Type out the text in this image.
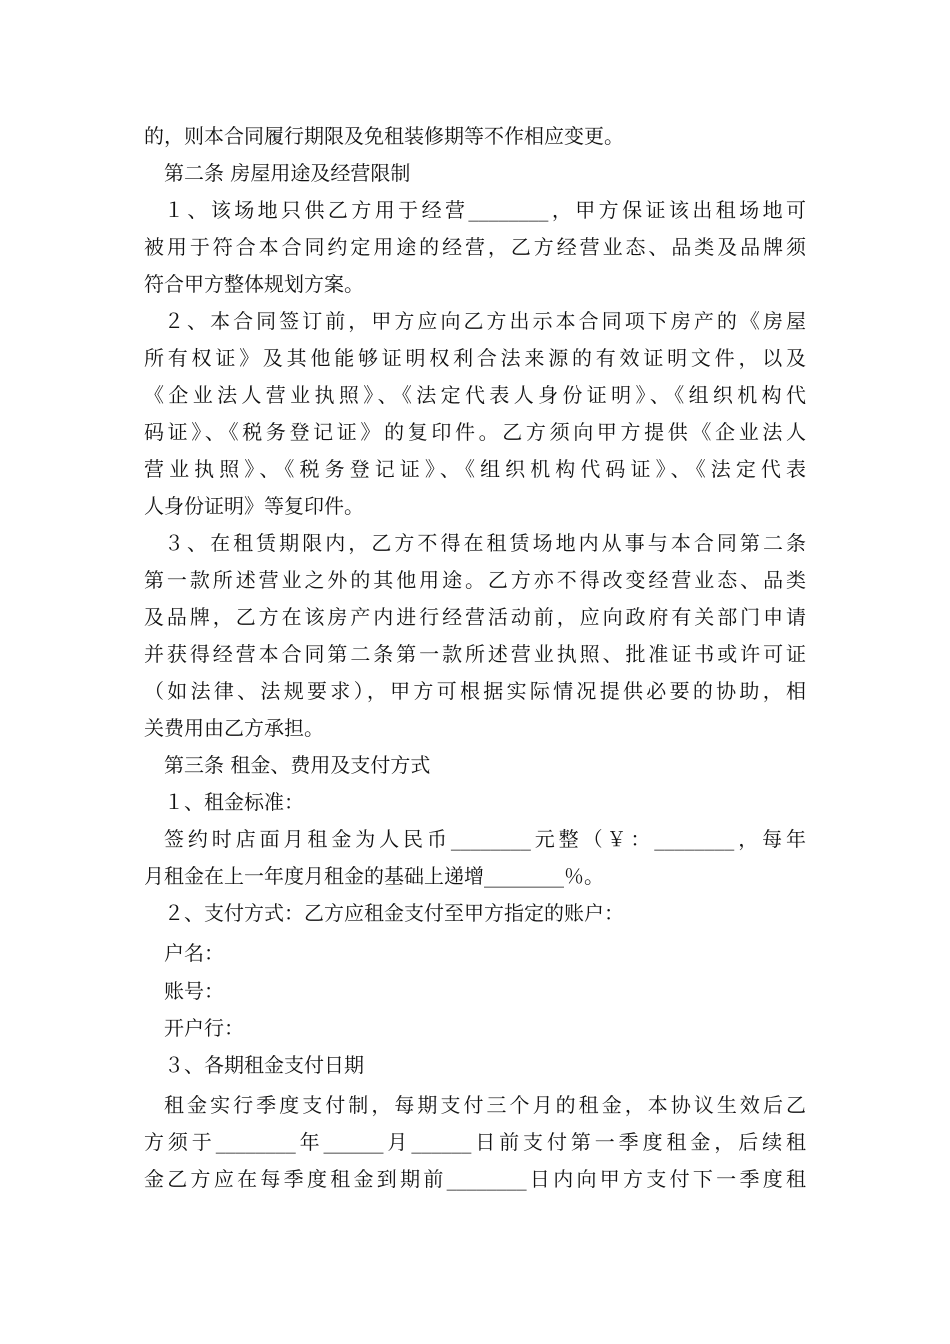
的，则本合同履行期限及免租装修期等不作相应变更。
第二条 房屋用途及经营限制
１、该场地只供乙方用于经营________，甲方保证该出租场地可
被用于符合本合同约定用途的经营，乙方经营业态、品类及品牌须
符合甲方整体规划方案。
２、本合同签订前，甲方应向乙方出示本合同项下房产的《房屋
所有权证》及其他能够证明权利合法来源的有效证明文件，以及
《企业法人营业执照》、《法定代表人身份证明》、《组织机构代
码证》、《税务登记证》的复印件。乙方须向甲方提供《企业法人
营业执照》、《税务登记证》、《组织机构代码证》、《法定代表
人身份证明》等复印件。
３、在租赁期限内，乙方不得在租赁场地内从事与本合同第二条
第一款所述营业之外的其他用途。乙方亦不得改变经营业态、品类
及品牌，乙方在该房产内进行经营活动前，应向政府有关部门申请
并获得经营本合同第二条第一款所述营业执照、批准证书或许可证
（如法律、法规要求），甲方可根据实际情况提供必要的协助，相
关费用由乙方承担。
第三条 租金、费用及支付方式
１、租金标准：
签约时店面月租金为人民币________元整（￥：________，每年
月租金在上一年度月租金的基础上递增________％。
２、支付方式：乙方应租金支付至甲方指定的账户：
户名：
账号：
开户行：
３、各期租金支付日期
租金实行季度支付制，每期支付三个月的租金，本协议生效后乙
方须于________年______月______日前支付第一季度租金，后续租
金乙方应在每季度租金到期前________日内向甲方支付下一季度租
